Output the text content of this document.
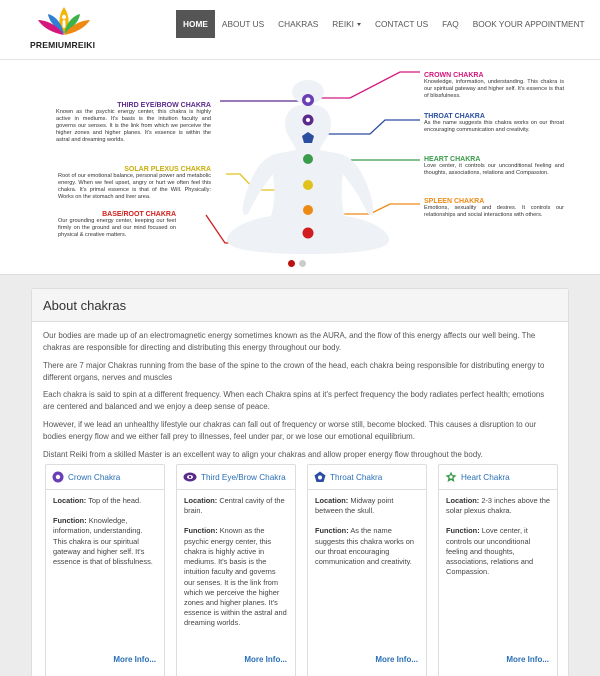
PREMIUMREIKI
HOME	ABOUT US	CHAKRAS	REIKI	CONTACT US	FAQ	BOOK YOUR APPOINTMENT
THIRD EYE/BROW CHAKRA
Known as the psychic energy center, this chakra is highly active in mediums. It's basis is the intuition faculty and governs our senses. It is the link from which we perceive the higher zones and higher planes. It's essence is within the astral and dreaming worlds.
SOLAR PLEXUS CHAKRA
Root of our emotional balance, personal power and metabolic energy. When we feel upset, angry or hurt we often feel this chakra. It's primal essence is that of the Will. Physically: Works on the stomach and liver area.
BASE/ROOT CHAKRA
Our grounding energy center, keeping our feet firmly on the ground and our mind focused on physical & creative matters.
CROWN CHAKRA
Knowledge, information, understanding. This chakra is our spiritual gateway and higher self. It's essence is that of blissfulness.
THROAT CHAKRA
As the name suggests this chakra works on our throat encouraging communication and creativity.
HEART CHAKRA
Love center, it controls our unconditional feeling and thoughts, associations, relations and Compassion.
SPLEEN CHAKRA
Emotions, sexuality and desires. It controls our relationships and social interactions with others.
About chakras

Our bodies are made up of an electromagnetic energy sometimes known as the AURA, and the flow of this energy affects our well being. The chakras are responsible for directing and distributing this energy throughout our body.

There are 7 major Chakras running from the base of the spine to the crown of the head, each chakra being responsible for distributing energy to different organs, nerves and muscles

Each chakra is said to spin at a different frequency. When each Chakra spins at it's perfect frequency the body radiates perfect health; emotions are centered and balanced and we enjoy a deep sense of peace.

However, if we lead an unhealthy lifestyle our chakras can fall out of frequency or worse still, become blocked. This causes a disruption to our bodies energy flow and we either fall prey to illnesses, feel under par, or we lose our emotional equilibrium.

Distant Reiki from a skilled Master is an excellent way to align your chakras and allow proper energy flow throughout the body.

Crown Chakra
Location: Top of the head.
Function: Knowledge, information, understanding. This chakra is our spiritual gateway and higher self. It's essence is that of blissfulness.
More Info...
Third Eye/Brow Chakra
Location: Central cavity of the brain.
Function: Known as the psychic energy center, this chakra is highly active in mediums. It's basis is the intuition faculty and governs our senses. It is the link from which we perceive the higher zones and higher planes. It's essence is within the astral and dreaming worlds.
More Info...
Throat Chakra
Location: Midway point between the skull.
Function: As the name suggests this chakra works on our throat encouraging communication and creativity.
More Info...
Heart Chakra
Location: 2-3 inches above the solar plexus chakra.
Function: Love center, it controls our unconditional feeling and thoughts, associations, relations and Compassion.
More Info...
